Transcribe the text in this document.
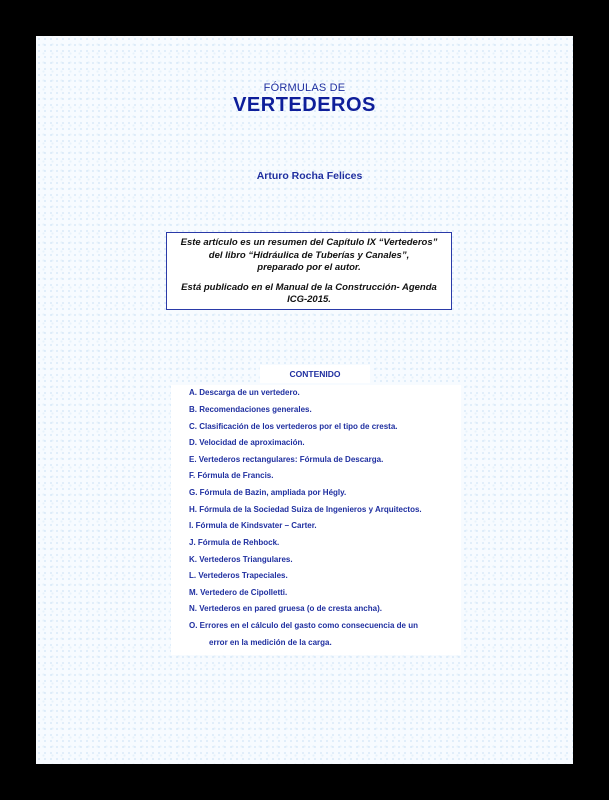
FÓRMULAS DE
VERTEDEROS
Arturo Rocha Felices
Este artículo es un resumen del Capítulo IX “Vertederos”
del libro “Hidráulica de Tuberías y Canales”,
preparado por el autor.
Está publicado en el Manual de la Construcción- Agenda
ICG-2015.
CONTENIDO
A. Descarga de un vertedero.
B. Recomendaciones generales.
C. Clasificación de los vertederos por el tipo de cresta.
D. Velocidad de aproximación.
E. Vertederos rectangulares: Fórmula de Descarga.
F. Fórmula de Francis.
G. Fórmula de Bazin, ampliada por Hégly.
H. Fórmula de la Sociedad Suiza de Ingenieros y Arquitectos.
I. Fórmula de Kindsvater – Carter.
J. Fórmula de Rehbock.
K. Vertederos Triangulares.
L. Vertederos Trapeciales.
M. Vertedero de Cipolletti.
N. Vertederos en pared gruesa (o de cresta ancha).
O. Errores en el cálculo del gasto como consecuencia de un
error en la medición de la carga.
